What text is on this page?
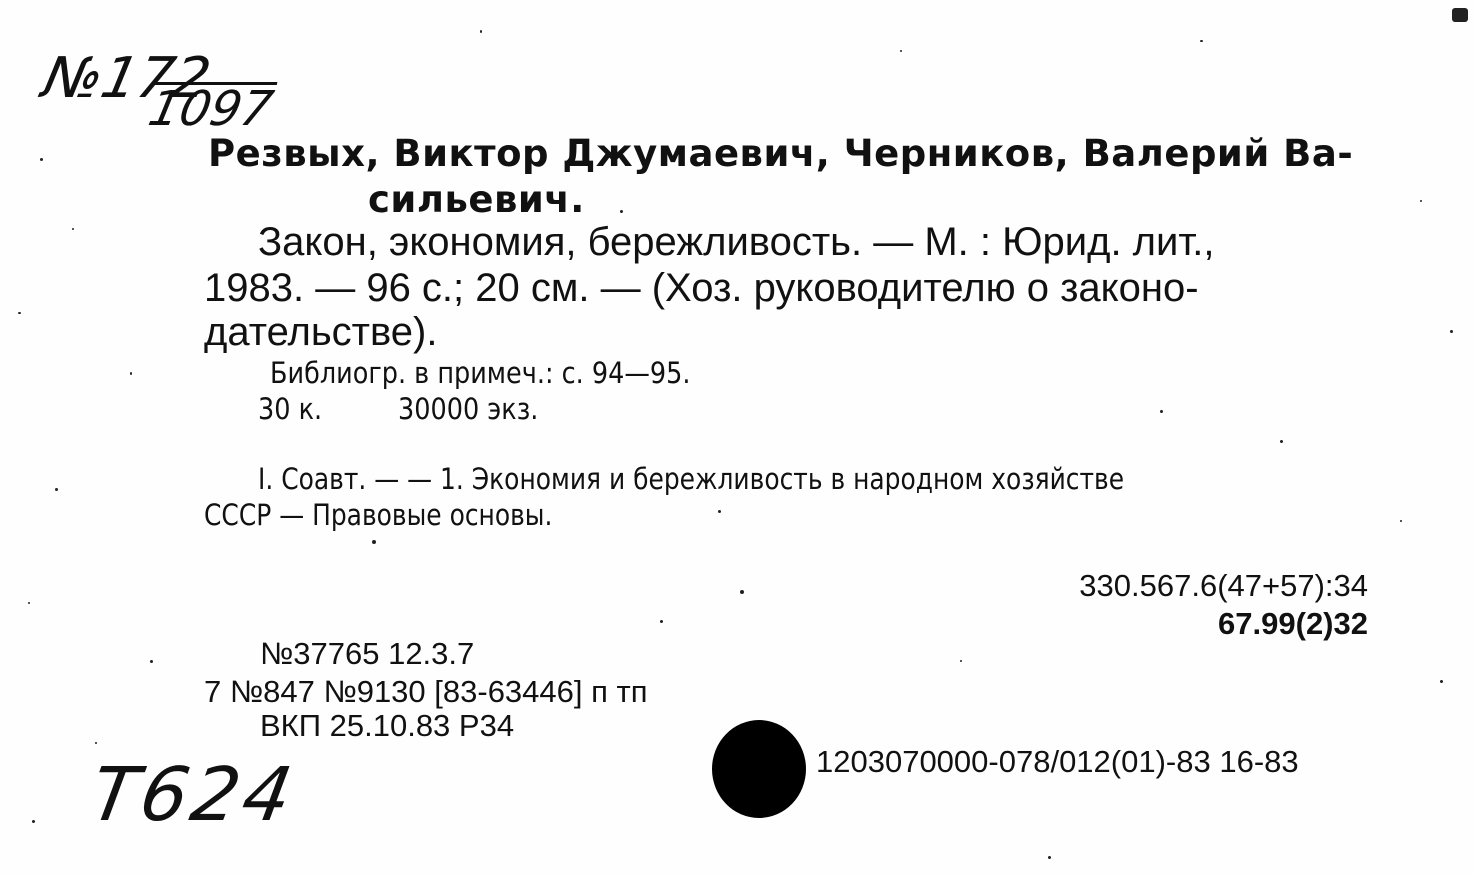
№172
1097
Резвых, Виктор Джумаевич, Черников, Валерий Ва-
сильевич.
Закон, экономия, бережливость. — М. : Юрид. лит.,
1983. — 96 с.; 20 см. — (Хоз. руководителю о законо-
дательстве).
Библиогр. в примеч.: с. 94—95.
30 к.	30000 экз.
I. Соавт. — — 1. Экономия и бережливость в народном хозяйстве
СССР — Правовые основы.
330.567.6(47+57):34
67.99(2)32
№37765 12.3.7
7 №847 №9130 [83-63446] п тп
ВКП 25.10.83 Р34
1203070000-078/012(01)-83 16-83
Т624
